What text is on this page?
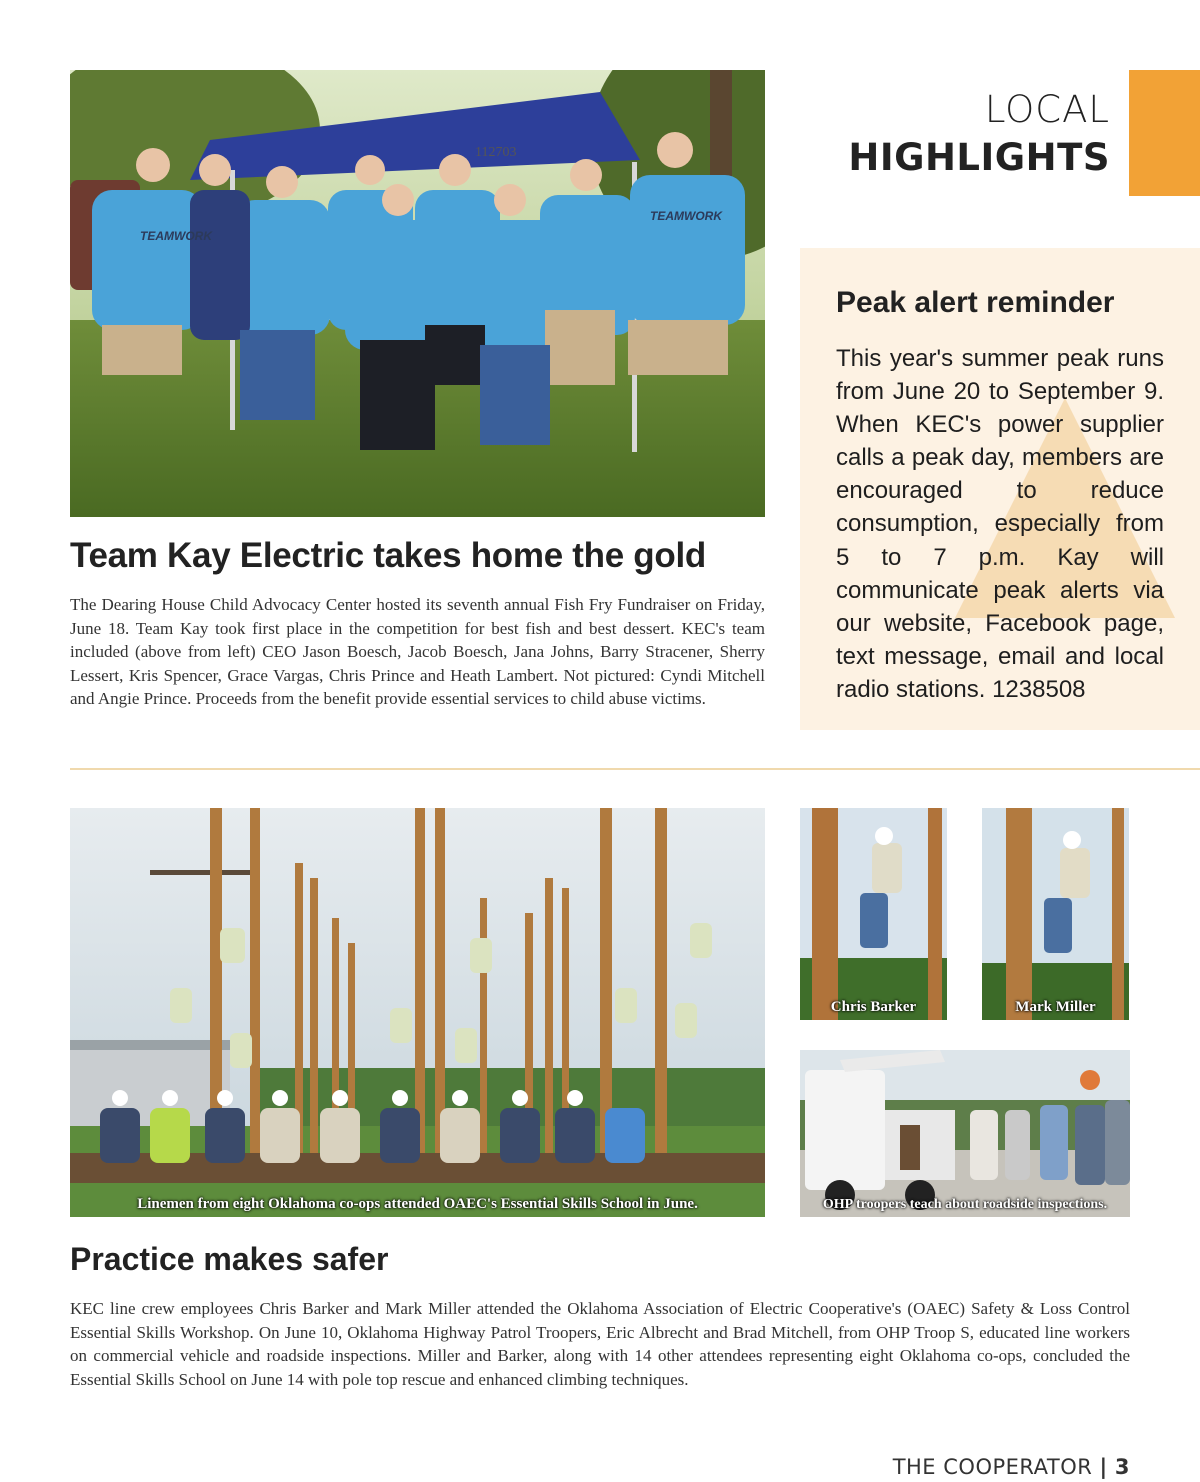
LOCAL
HIGHLIGHTS
112703
TEAMWORK
TEAMWORK
Team Kay Electric takes home the gold
The Dearing House Child Advocacy Center hosted its seventh annual Fish Fry Fundraiser on Friday, June 18. Team Kay took first place in the competition for best fish and best dessert. KEC's team included (above from left) CEO Jason Boesch, Jacob Boesch, Jana Johns, Barry Stracener, Sherry Lessert, Kris Spencer, Grace Vargas, Chris Prince and Heath Lambert. Not pictured: Cyndi Mitchell and Angie Prince. Proceeds from the benefit provide essential services to child abuse victims.
Peak alert reminder
This year's summer peak runs from June 20 to September 9. When KEC's power supplier calls a peak day, members are encouraged to reduce consumption, especially from 5 to 7 p.m. Kay will communicate peak alerts via our website, Facebook page, text message, email and local radio stations. 1238508
Linemen from eight Oklahoma co-ops attended OAEC's Essential Skills School in June.
Chris Barker	Mark Miller
OHP troopers teach about roadside inspections.
Practice makes safer
KEC line crew employees Chris Barker and Mark Miller attended the Oklahoma Association of Electric Cooperative's (OAEC) Safety & Loss Control Essential Skills Workshop. On June 10, Oklahoma Highway Patrol Troopers, Eric Albrecht and Brad Mitchell, from OHP Troop S, educated line workers on commercial vehicle and roadside inspections. Miller and Barker, along with 14 other attendees representing eight Oklahoma co-ops, concluded the Essential Skills School on June 14 with pole top rescue and enhanced climbing techniques.
THE COOPERATOR | 3
